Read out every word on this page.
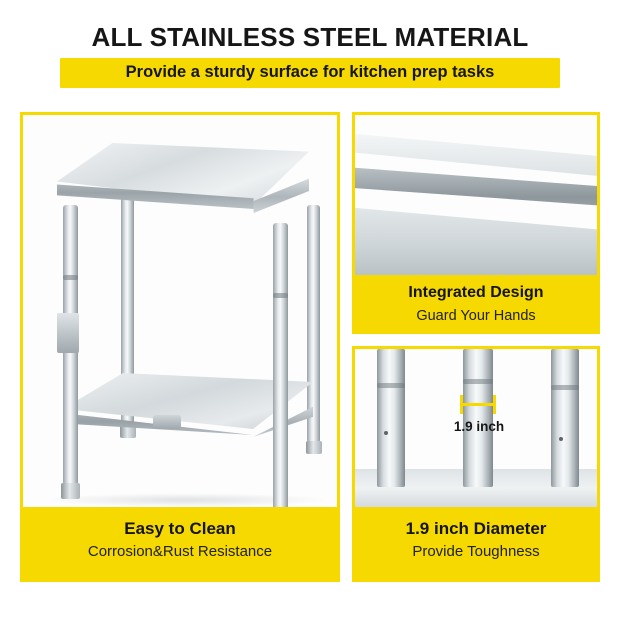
ALL STAINLESS STEEL MATERIAL
Provide a sturdy surface for kitchen prep tasks
Easy to Clean
Corrosion&Rust Resistance
Integrated Design
Guard Your Hands
1.9 inch
1.9 inch Diameter
Provide Toughness
